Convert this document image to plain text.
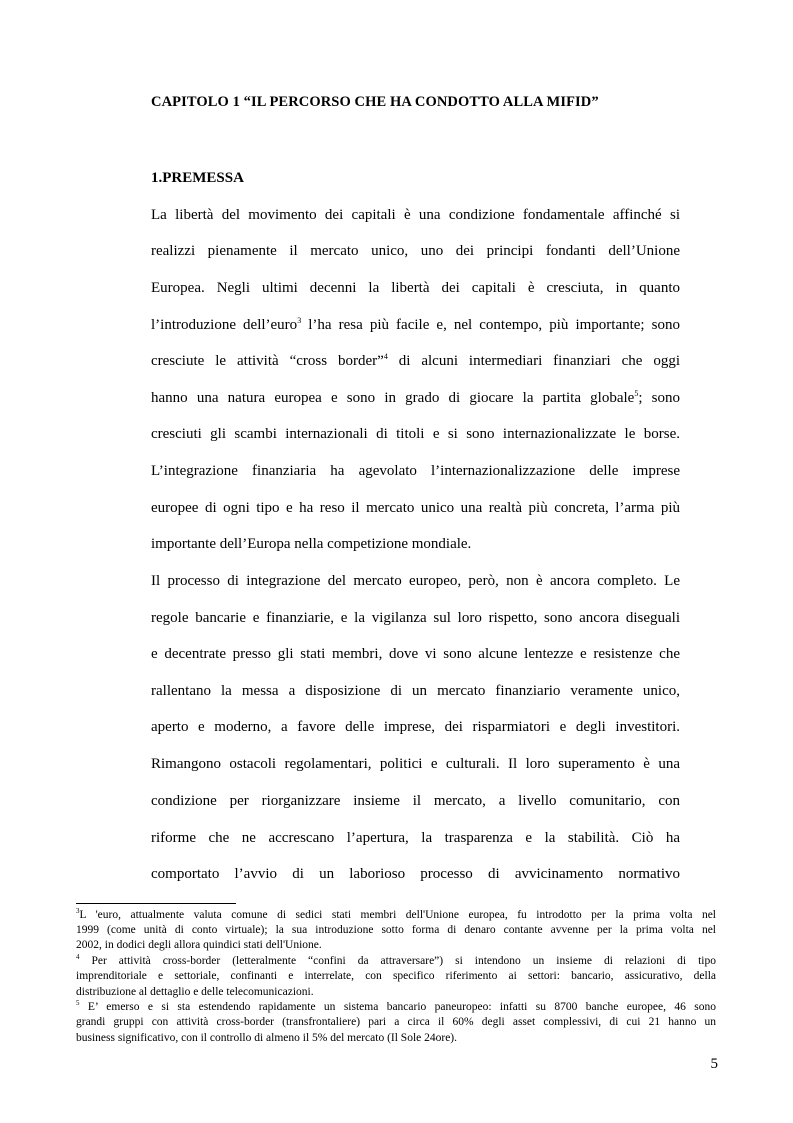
CAPITOLO 1 “IL PERCORSO CHE HA CONDOTTO ALLA MIFID”
1.PREMESSA
La libertà del movimento dei capitali è una condizione fondamentale affinché si
realizzi pienamente il mercato unico, uno dei principi fondanti dell’Unione
Europea. Negli ultimi decenni la libertà dei capitali è cresciuta, in quanto
l’introduzione dell’euro$^3$ l’ha resa più facile e, nel contempo, più importante; sono
cresciute le attività “cross border”$^4$ di alcuni intermediari finanziari che oggi
hanno una natura europea e sono in grado di giocare la partita globale$^5$; sono
cresciuti gli scambi internazionali di titoli e si sono internazionalizzate le borse.
L’integrazione finanziaria ha agevolato l’internazionalizzazione delle imprese
europee di ogni tipo e ha reso il mercato unico una realtà più concreta, l’arma più
importante dell’Europa nella competizione mondiale.
Il processo di integrazione del mercato europeo, però, non è ancora completo. Le
regole bancarie e finanziarie, e la vigilanza sul loro rispetto, sono ancora diseguali
e decentrate presso gli stati membri, dove vi sono alcune lentezze e resistenze che
rallentano la messa a disposizione di un mercato finanziario veramente unico,
aperto e moderno, a favore delle imprese, dei risparmiatori e degli investitori.
Rimangono ostacoli regolamentari, politici e culturali. Il loro superamento è una
condizione per riorganizzare insieme il mercato, a livello comunitario, con
riforme che ne accrescano l’apertura, la trasparenza e la stabilità. Ciò ha
comportato l’avvio di un laborioso processo di avvicinamento normativo
$^3$L 'euro, attualmente valuta comune di sedici stati membri dell'Unione europea, fu introdotto per la prima volta nel
1999 (come unità di conto virtuale); la sua introduzione sotto forma di denaro contante avvenne per la prima volta nel
2002, in dodici degli allora quindici stati dell'Unione.
$^4$ Per attività cross-border (letteralmente “confini da attraversare”) si intendono un insieme di relazioni di tipo
imprenditoriale e settoriale, confinanti e interrelate, con specifico riferimento ai settori: bancario, assicurativo, della
distribuzione al dettaglio e delle telecomunicazioni.
$^5$ E’ emerso e si sta estendendo rapidamente un sistema bancario paneuropeo: infatti su 8700 banche europee, 46 sono
grandi gruppi con attività cross-border (transfrontaliere) pari a circa il 60% degli asset complessivi, di cui 21 hanno un
business significativo, con il controllo di almeno il 5% del mercato (Il Sole 24ore).
5
